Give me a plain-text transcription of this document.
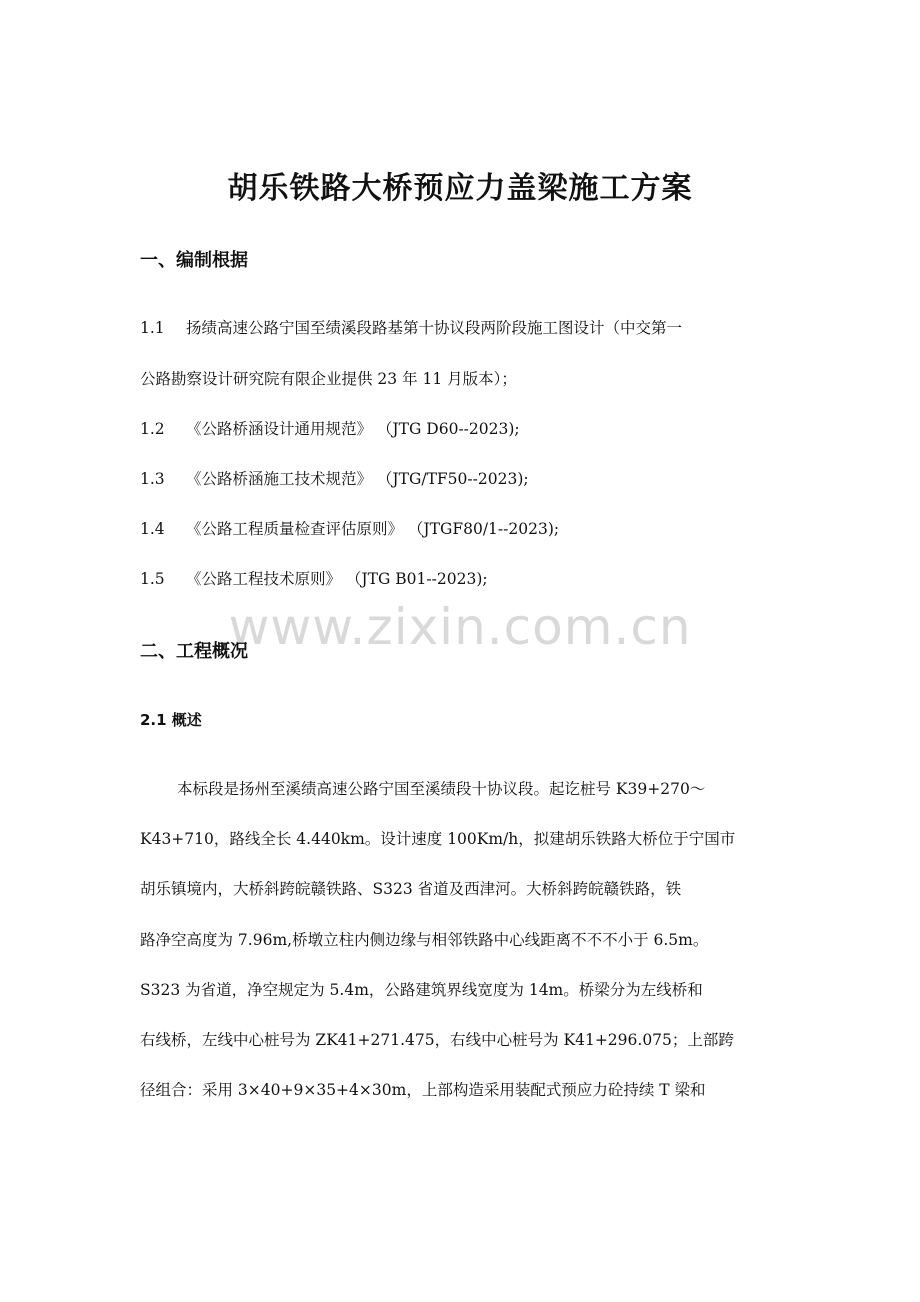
胡乐铁路大桥预应力盖梁施工方案
一、编制根据
1.1 扬绩高速公路宁国至绩溪段路基第十协议段两阶段施工图设计（中交第一
公路勘察设计研究院有限企业提供 23 年 11 月版本）；
1.2 《公路桥涵设计通用规范》 （JTG D60--2023);
1.3 《公路桥涵施工技术规范》 （JTG/TF50--2023);
1.4 《公路工程质量检查评估原则》 （JTGF80/1--2023);
1.5 《公路工程技术原则》 （JTG B01--2023);
www.zixin.com.cn
二、工程概况
2.1 概述
本标段是扬州至溪绩高速公路宁国至溪绩段十协议段。起讫桩号 K39+270～
K43+710，路线全长 4.440km。设计速度 100Km/h，拟建胡乐铁路大桥位于宁国市
胡乐镇境内，大桥斜跨皖赣铁路、S323 省道及西津河。大桥斜跨皖赣铁路，铁
路净空高度为 7.96m,桥墩立柱内侧边缘与相邻铁路中心线距离不不不小于 6.5m。
S323 为省道，净空规定为 5.4m，公路建筑界线宽度为 14m。桥梁分为左线桥和
右线桥，左线中心桩号为 ZK41+271.475，右线中心桩号为 K41+296.075；上部跨
径组合：采用 3×40+9×35+4×30m，上部构造采用装配式预应力砼持续 T 梁和
